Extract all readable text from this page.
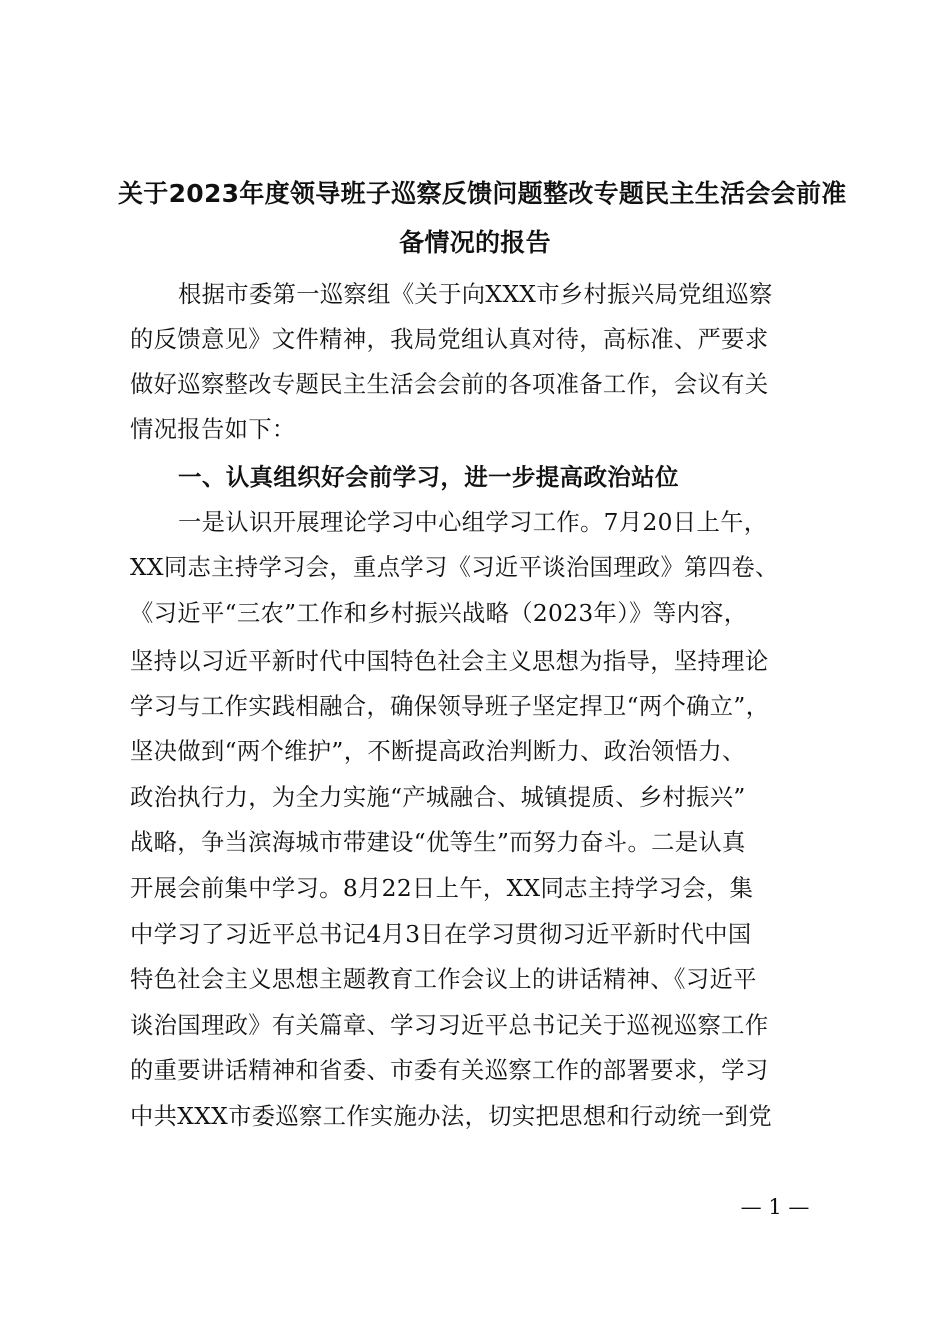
关于2023年度领导班子巡察反馈问题整改专题民主生活会会前准
备情况的报告
根据市委第一巡察组《关于向XXX市乡村振兴局党组巡察
的反馈意见》文件精神，我局党组认真对待，高标准、严要求
做好巡察整改专题民主生活会会前的各项准备工作，会议有关
情况报告如下：
一、认真组织好会前学习，进一步提高政治站位
一是认识开展理论学习中心组学习工作。7月20日上午，
XX同志主持学习会，重点学习《习近平谈治国理政》第四卷、
《习近平“三农”工作和乡村振兴战略（2023年）》等内容，
坚持以习近平新时代中国特色社会主义思想为指导，坚持理论
学习与工作实践相融合，确保领导班子坚定捍卫“两个确立”，
坚决做到“两个维护”，不断提高政治判断力、政治领悟力、
政治执行力，为全力实施“产城融合、城镇提质、乡村振兴”
战略，争当滨海城市带建设“优等生”而努力奋斗。二是认真
开展会前集中学习。8月22日上午，XX同志主持学习会，集
中学习了习近平总书记4月3日在学习贯彻习近平新时代中国
特色社会主义思想主题教育工作会议上的讲话精神、《习近平
谈治国理政》有关篇章、学习习近平总书记关于巡视巡察工作
的重要讲话精神和省委、市委有关巡察工作的部署要求，学习
中共XXX市委巡察工作实施办法，切实把思想和行动统一到党
— 1 —
